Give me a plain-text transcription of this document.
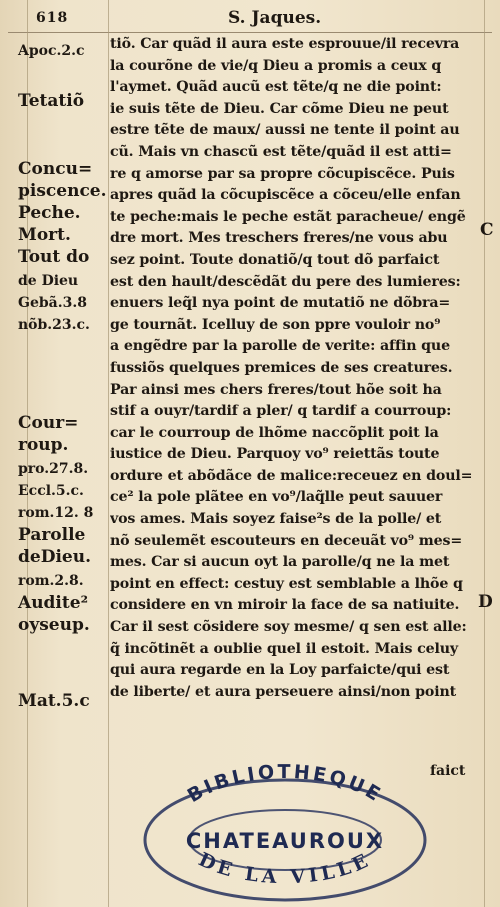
618	S. Jaques.
Apoc.2.c
Tetatiõ
Concu=
piscence.
Peche.
Mort.
Tout do
de Dieu
Gebã.3.8
nõb.23.c.
Cour=
roup.
pro.27.8.
Eccl.5.c.
rom.12. 8
Parolle
deDieu.
rom.2.8.
Audite²
oyseup.
Mat.5.c
tiõ. Car quãd il aura este esprouue/il recevra
la courõne de vie/q Dieu a promis a ceux q
l'aymet. Quãd aucũ est tẽte/q ne die point:
ie suis tẽte de Dieu. Car cõme Dieu ne peut
estre tẽte de maux/ aussi ne tente il point au
cũ. Mais vn chascũ est tẽte/quãd il est atti=
re q amorse par sa propre cõcupiscẽce. Puis
apres quãd la cõcupiscẽce a cõceu/elle enfan
te peche:mais le peche estãt paracheue/ engẽ
dre mort. Mes treschers freres/ne vous abu
sez point. Toute donatiõ/q tout dõ parfaict
est den hault/descẽdãt du pere des lumieres:
enuers leq̃l nya point de mutatiõ ne dõbra=
ge tournãt. Icelluy de son ppre vouloir no⁹
a engẽdre par la parolle de verite: affin que
fussiõs quelques premices de ses creatures.
Par ainsi mes chers freres/tout hõe soit ha
stif a ouyr/tardif a pler/ q tardif a courroup:
car le courroup de lhõme naccõplit poit la
iustice de Dieu. Parquoy vo⁹ reiettãs toute
ordure et abõdãce de malice:receuez en doul=
ce² la pole plãtee en vo⁹/laq̃lle peut sauuer
vos ames. Mais soyez faise²s de la polle/ et
nõ seulemẽt escouteurs en deceuãt vo⁹ mes=
mes. Car si aucun oyt la parolle/q ne la met
point en effect: cestuy est semblable a lhõe q
considere en vn miroir la face de sa natiuite.
Car il sest cõsidere soy mesme/ q sen est alle:
q̃ incõtinẽt a oublie quel il estoit. Mais celuy
qui aura regarde en la Loy parfaicte/qui est
de liberte/ et aura perseuere ainsi/non point
faict
C
D
BIBLIOTHEQUE
CHATEAUROUX
DE LA VILLE
